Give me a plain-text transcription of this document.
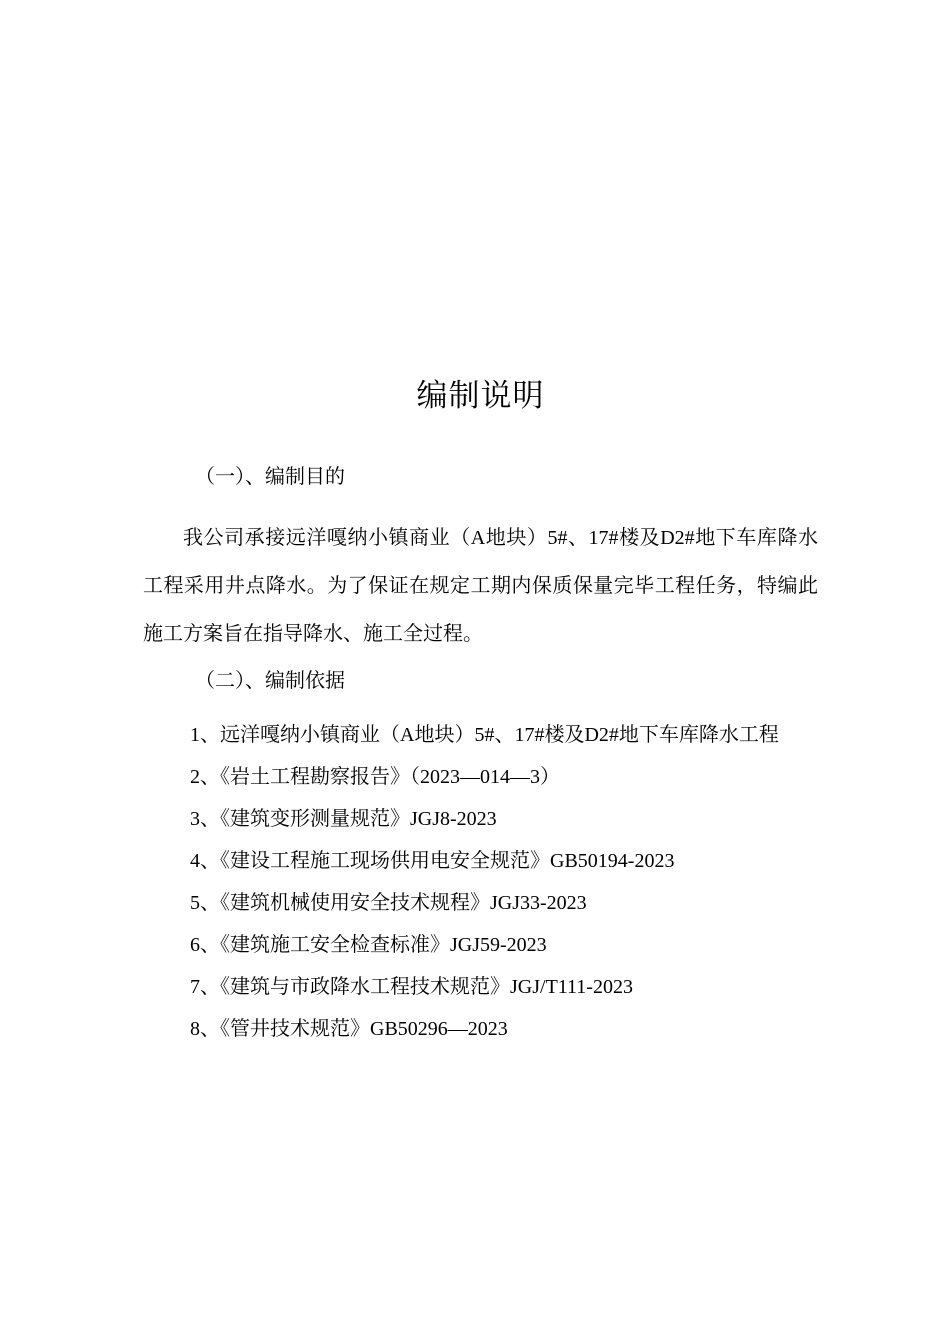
编制说明
（一）、编制目的

我公司承接远洋嘎纳小镇商业（A地块）5#、17#楼及D2#地下车库降水工程采用井点降水。为了保证在规定工期内保质保量完毕工程任务，特编此施工方案旨在指导降水、施工全过程。

（二）、编制依据
1、远洋嘎纳小镇商业（A地块）5#、17#楼及D2#地下车库降水工程
2、《岩土工程勘察报告》（2023—014—3）
3、《建筑变形测量规范》JGJ8-2023
4、《建设工程施工现场供用电安全规范》GB50194-2023
5、《建筑机械使用安全技术规程》JGJ33-2023
6、《建筑施工安全检查标准》JGJ59-2023
7、《建筑与市政降水工程技术规范》JGJ/T111-2023
8、《管井技术规范》GB50296—2023
